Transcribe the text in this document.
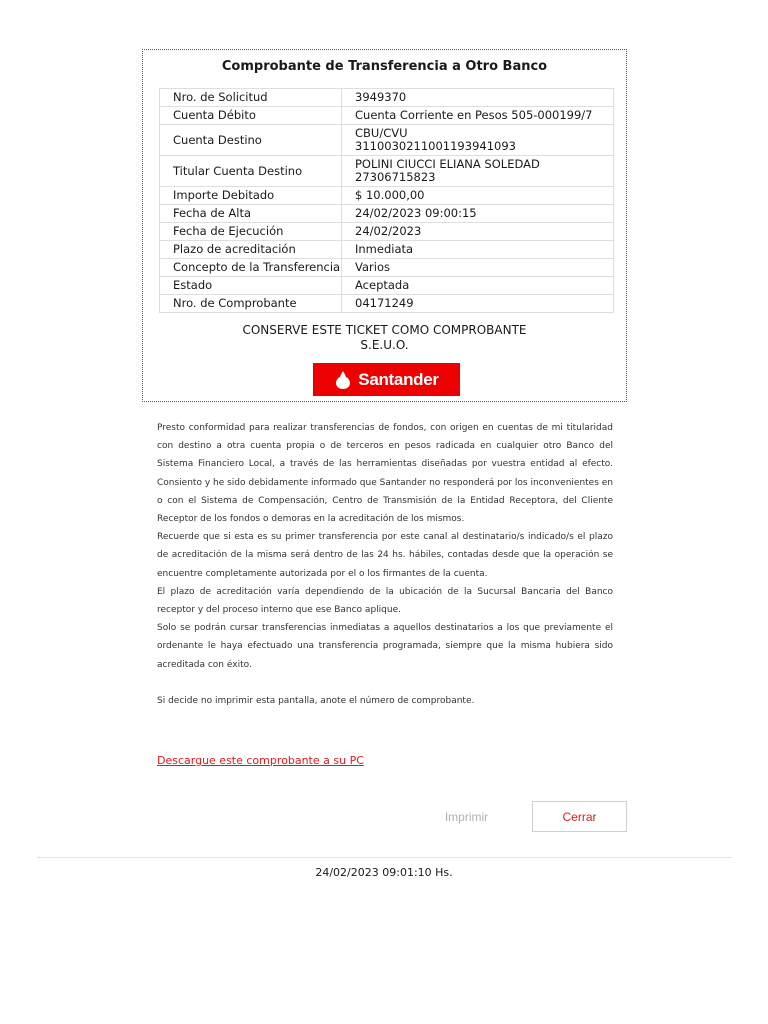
Comprobante de Transferencia a Otro Banco
Nro. de Solicitud	3949370
Cuenta Débito	Cuenta Corriente en Pesos 505-000199/7
Cuenta Destino	CBU/CVU
3110030211001193941093

Titular Cuenta Destino	POLINI CIUCCI ELIANA SOLEDAD
27306715823

Importe Debitado	$ 10.000,00
Fecha de Alta	24/02/2023 09:00:15
Fecha de Ejecución	24/02/2023
Plazo de acreditación	Inmediata
Concepto de la Transferencia	Varios
Estado	Aceptada
Nro. de Comprobante	04171249
CONSERVE ESTE TICKET COMO COMPROBANTE
S.E.U.O.
Santander

Presto conformidad para realizar transferencias de fondos, con origen en cuentas de mi titularidad con destino a otra cuenta propia o de terceros en pesos radicada en cualquier otro Banco del Sistema Financiero Local, a través de las herramientas diseñadas por vuestra entidad al efecto. Consiento y he sido debidamente informado que Santander no responderá por los inconvenientes en o con el Sistema de Compensación, Centro de Transmisión de la Entidad Receptora, del Cliente Receptor de los fondos o demoras en la acreditación de los mismos.

Recuerde que si esta es su primer transferencia por este canal al destinatario/s indicado/s el plazo de acreditación de la misma será dentro de las 24 hs. hábiles, contadas desde que la operación se encuentre completamente autorizada por el o los firmantes de la cuenta.

El plazo de acreditación varía dependiendo de la ubicación de la Sucursal Bancaria del Banco receptor y del proceso interno que ese Banco aplique.

Solo se podrán cursar transferencias inmediatas a aquellos destinatarios a los que previamente el ordenante le haya efectuado una transferencia programada, siempre que la misma hubiera sido acreditada con éxito.

Si decide no imprimir esta pantalla, anote el número de comprobante.

Descargue este comprobante a su PC
Imprimir	Cerrar
24/02/2023 09:01:10 Hs.
